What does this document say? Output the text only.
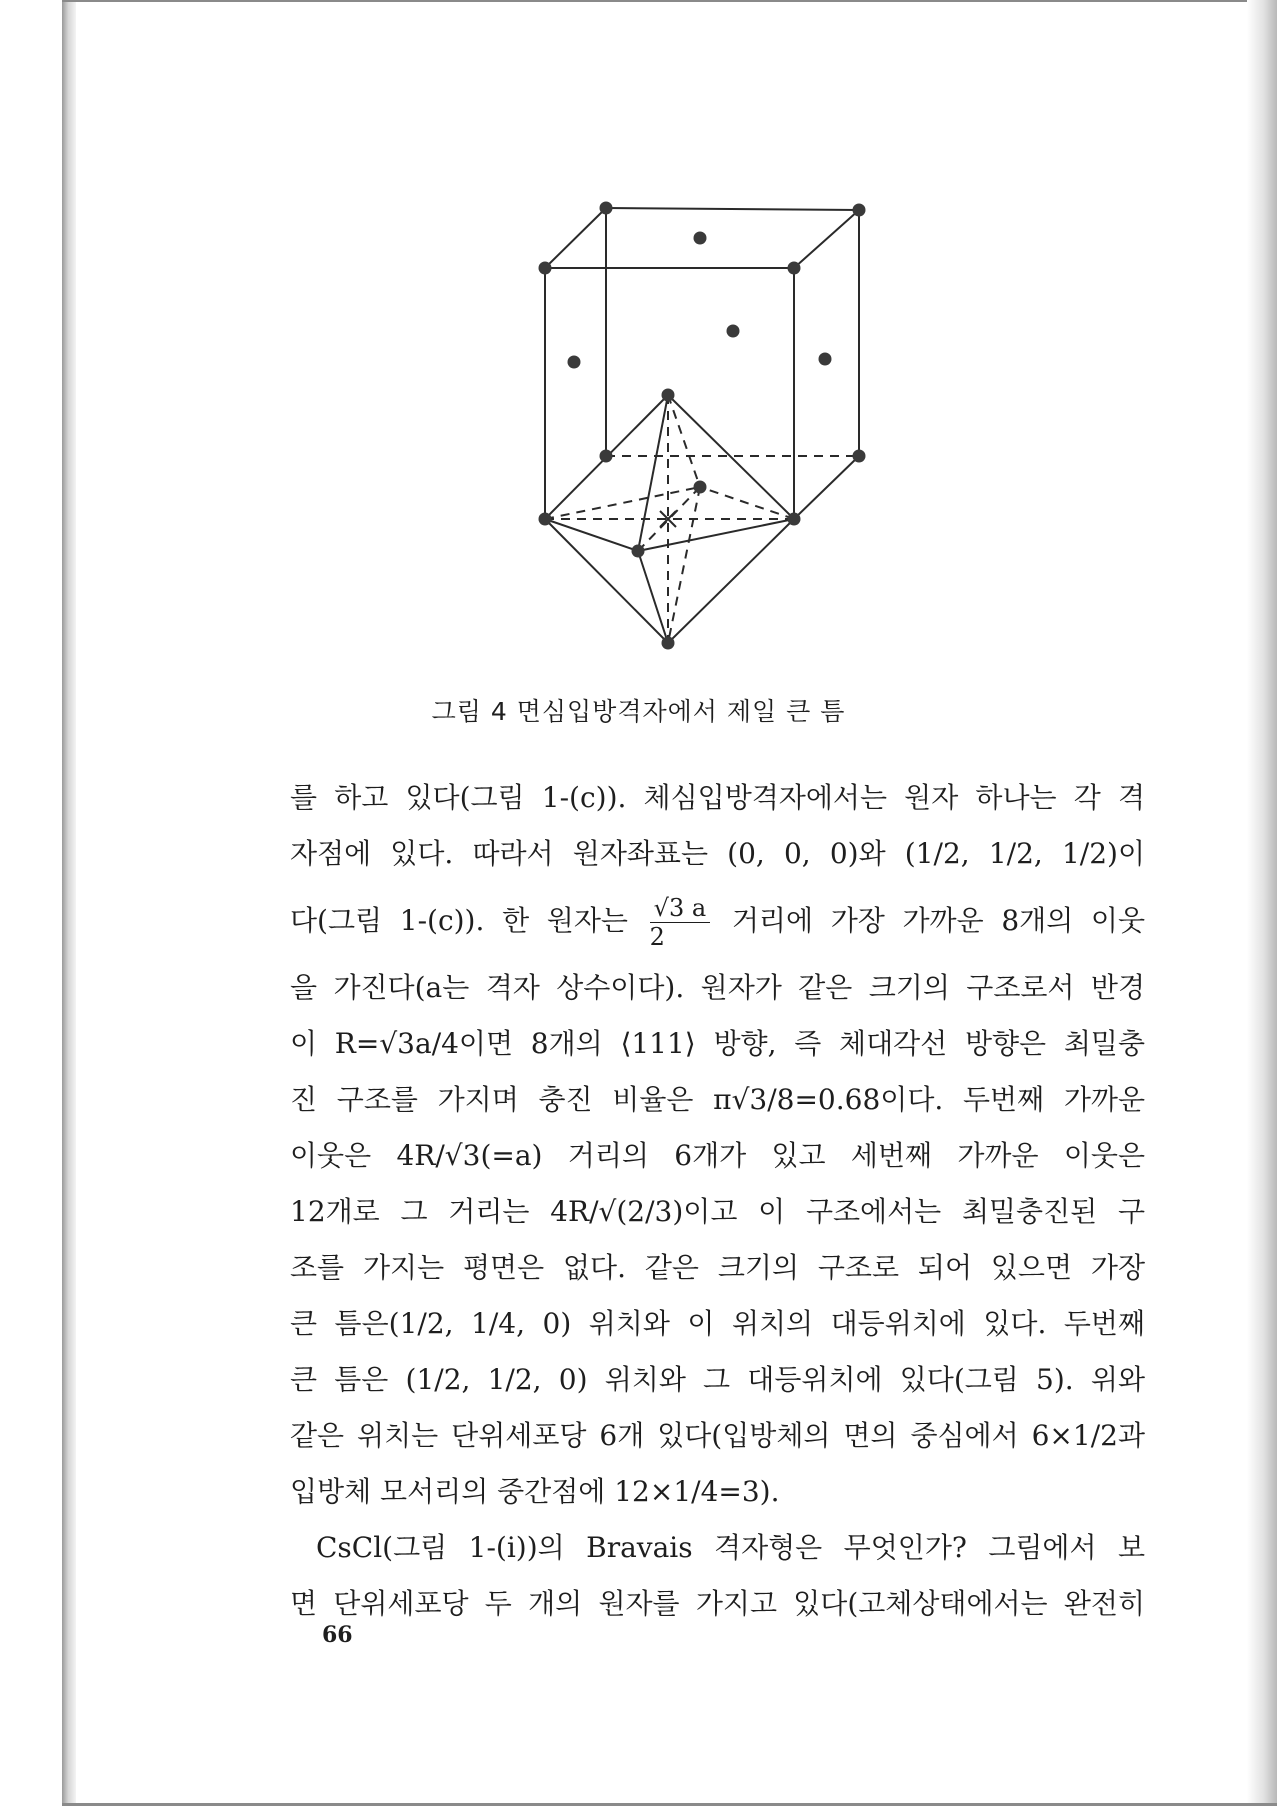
그림 4 면심입방격자에서 제일 큰 틈
를 하고 있다(그림 1-(c)). 체심입방격자에서는 원자 하나는 각 격
자점에 있다. 따라서 원자좌표는 (0, 0, 0)와 (1/2, 1/2, 1/2)이
다(그림 1-(c)). 한 원자는 $\frac{√3 a}{2}$ 거리에 가장 가까운 8개의 이웃
을 가진다(a는 격자 상수이다). 원자가 같은 크기의 구조로서 반경
이 R=√3a/4이면 8개의 ⟨111⟩ 방향, 즉 체대각선 방향은 최밀충
진 구조를 가지며 충진 비율은 π√3/8=0.68이다. 두번째 가까운
이웃은 4R/√3(=a) 거리의 6개가 있고 세번째 가까운 이웃은
12개로 그 거리는 4R/√(2/3)이고 이 구조에서는 최밀충진된 구
조를 가지는 평면은 없다. 같은 크기의 구조로 되어 있으면 가장
큰 틈은(1/2, 1/4, 0) 위치와 이 위치의 대등위치에 있다. 두번째
큰 틈은 (1/2, 1/2, 0) 위치와 그 대등위치에 있다(그림 5). 위와
같은 위치는 단위세포당 6개 있다(입방체의 면의 중심에서 6×1/2과
입방체 모서리의 중간점에 12×1/4=3).
CsCl(그림 1-(i))의 Bravais 격자형은 무엇인가? 그림에서 보
면 단위세포당 두 개의 원자를 가지고 있다(고체상태에서는 완전히
66
